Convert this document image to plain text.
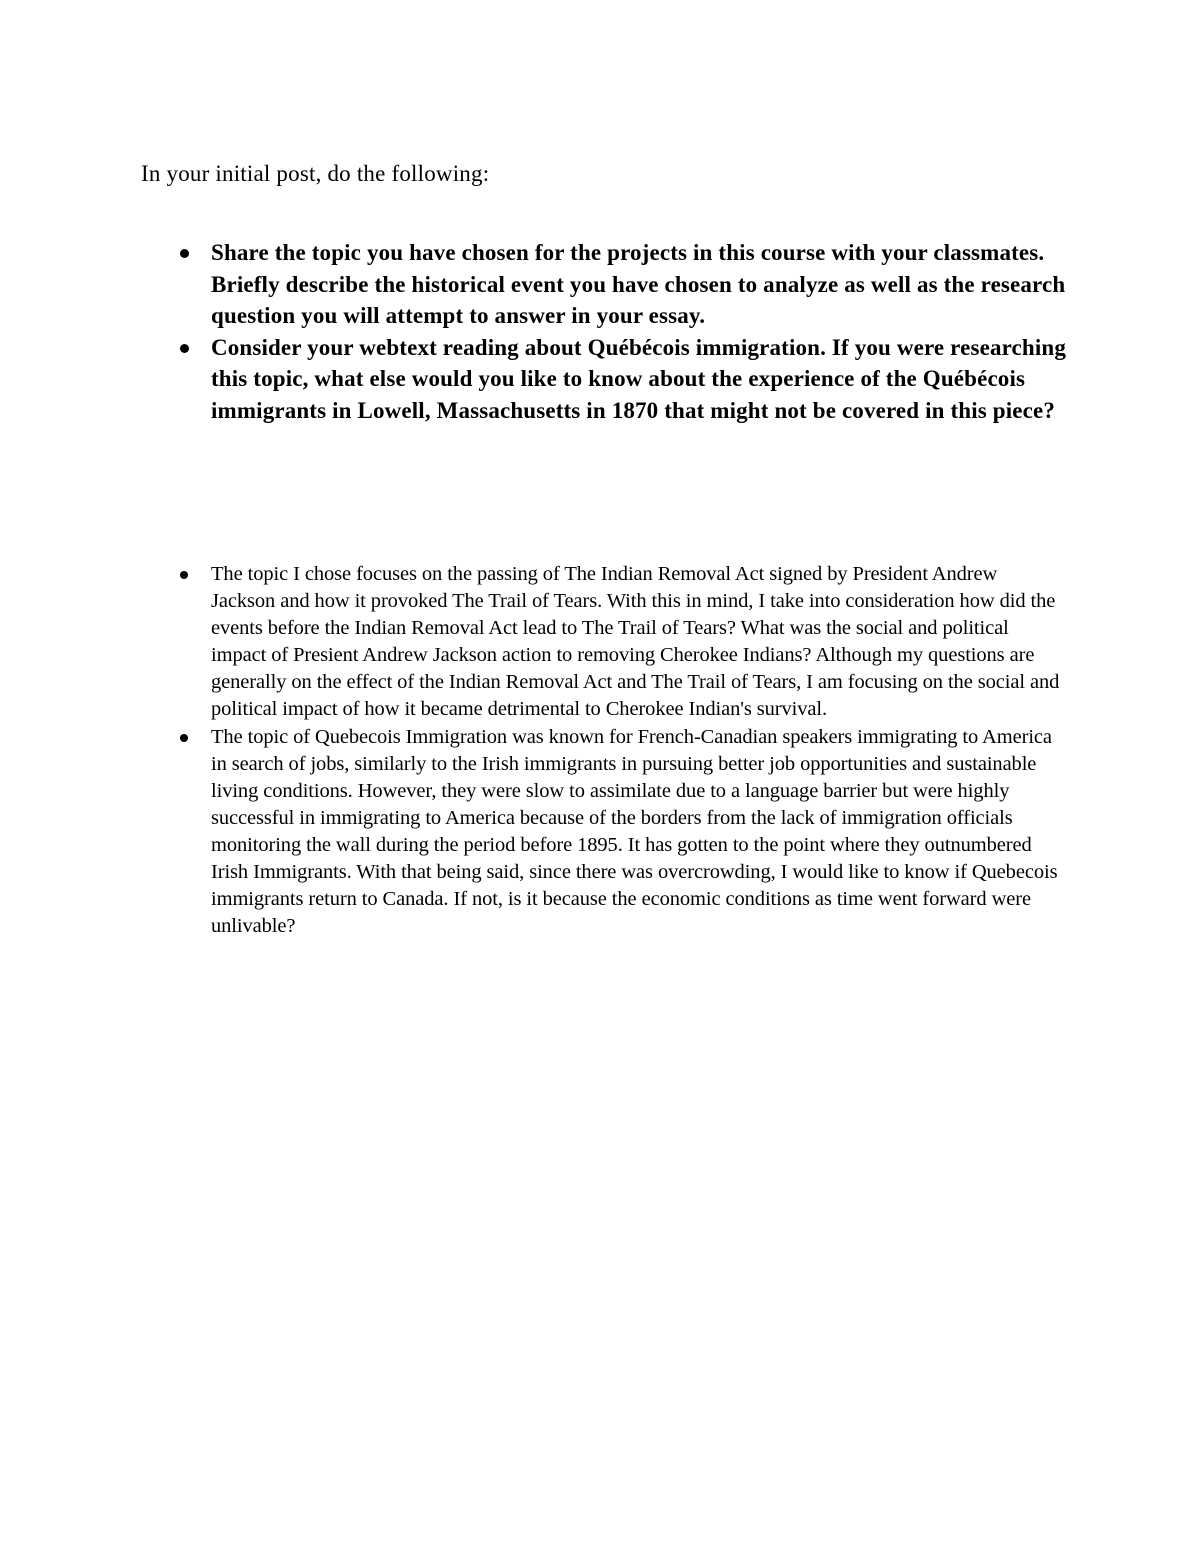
In your initial post, do the following:

Share the topic you have chosen for the projects in this course with your classmates. Briefly describe the historical event you have chosen to analyze as well as the research question you will attempt to answer in your essay.
Consider your webtext reading about Québécois immigration. If you were researching this topic, what else would you like to know about the experience of the Québécois immigrants in Lowell, Massachusetts in 1870 that might not be covered in this piece?
The topic I chose focuses on the passing of The Indian Removal Act signed by President Andrew Jackson and how it provoked The Trail of Tears. With this in mind, I take into consideration how did the events before the Indian Removal Act lead to The Trail of Tears? What was the social and political impact of Presient Andrew Jackson action to removing Cherokee Indians? Although my questions are generally on the effect of the Indian Removal Act and The Trail of Tears, I am focusing on the social and political impact of how it became detrimental to Cherokee Indian's survival.
The topic of Quebecois Immigration was known for French-Canadian speakers immigrating to America in search of jobs, similarly to the Irish immigrants in pursuing better job opportunities and sustainable living conditions. However, they were slow to assimilate due to a language barrier but were highly successful in immigrating to America because of the borders from the lack of immigration officials monitoring the wall during the period before 1895. It has gotten to the point where they outnumbered Irish Immigrants. With that being said, since there was overcrowding, I would like to know if Quebecois immigrants return to Canada. If not, is it because the economic conditions as time went forward were unlivable?
